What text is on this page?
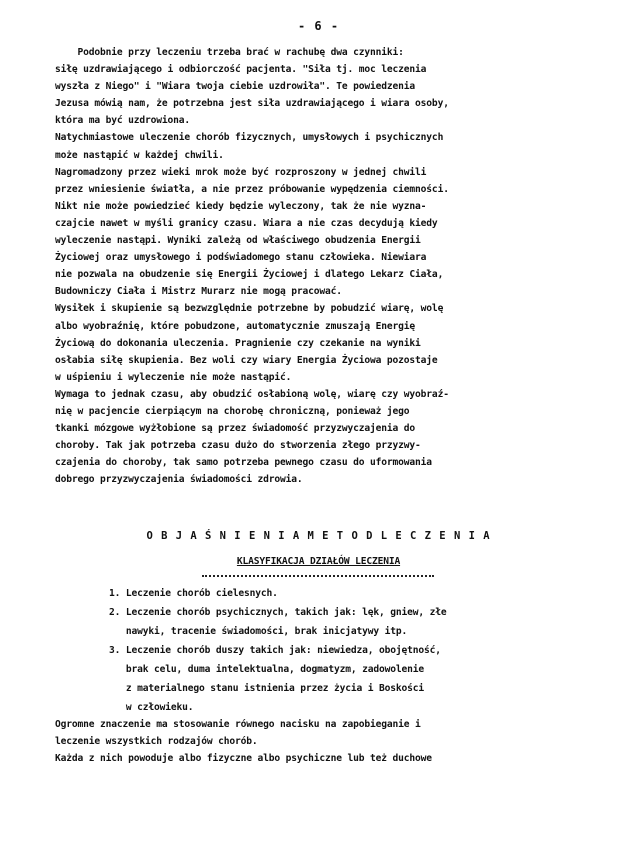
- 6 -
Podobnie przy leczeniu trzeba brać w rachubę dwa czynniki:
siłę uzdrawiającego i odbiorczość pacjenta. "Siła tj. moc leczenia
wyszła z Niego" i "Wiara twoja ciebie uzdrowiła". Te powiedzenia
Jezusa mówią nam, że potrzebna jest siła uzdrawiającego i wiara osoby,
która ma być uzdrowiona.
Natychmiastowe uleczenie chorób fizycznych, umysłowych i psychicznych
może nastąpić w każdej chwili.
Nagromadzony przez wieki mrok może być rozproszony w jednej chwili
przez wniesienie światła, a nie przez próbowanie wypędzenia ciemności.
Nikt nie może powiedzieć kiedy będzie wyleczony, tak że nie wyzna-
czajcie nawet w myśli granicy czasu. Wiara a nie czas decydują kiedy
wyleczenie nastąpi. Wyniki zależą od właściwego obudzenia Energii
Życiowej oraz umysłowego i podświadomego stanu człowieka. Niewiara
nie pozwala na obudzenie się Energii Życiowej i dlatego Lekarz Ciała,
Budowniczy Ciała i Mistrz Murarz nie mogą pracować.
Wysiłek i skupienie są bezwzględnie potrzebne by pobudzić wiarę, wolę
albo wyobraźnię, które pobudzone, automatycznie zmuszają Energię
Życiową do dokonania uleczenia. Pragnienie czy czekanie na wyniki
osłabia siłę skupienia. Bez woli czy wiary Energia Życiowa pozostaje
w uśpieniu i wyleczenie nie może nastąpić.
Wymaga to jednak czasu, aby obudzić osłabioną wolę, wiarę czy wyobraź-
nię w pacjencie cierpiącym na chorobę chroniczną, ponieważ jego
tkanki mózgowe wyżłobione są przez świadomość przyzwyczajenia do
choroby. Tak jak potrzeba czasu dużo do stworzenia złego przyzwy-
czajenia do choroby, tak samo potrzeba pewnego czasu do uformowania
dobrego przyzwyczajenia świadomości zdrowia.
O B J A Ś N I E N I A M E T O D L E C Z E N I A
KLASYFIKACJA DZIAŁÓW LECZENIA
1. Leczenie chorób cielesnych.
2. Leczenie chorób psychicznych, takich jak: lęk, gniew, złe
nawyki, tracenie świadomości, brak inicjatywy itp.
3. Leczenie chorób duszy takich jak: niewiedza, obojętność,
brak celu, duma intelektualna, dogmatyzm, zadowolenie
z materialnego stanu istnienia przez życia i Boskości
w człowieku.
Ogromne znaczenie ma stosowanie równego nacisku na zapobieganie i
leczenie wszystkich rodzajów chorób.
Każda z nich powoduje albo fizyczne albo psychiczne lub też duchowe
